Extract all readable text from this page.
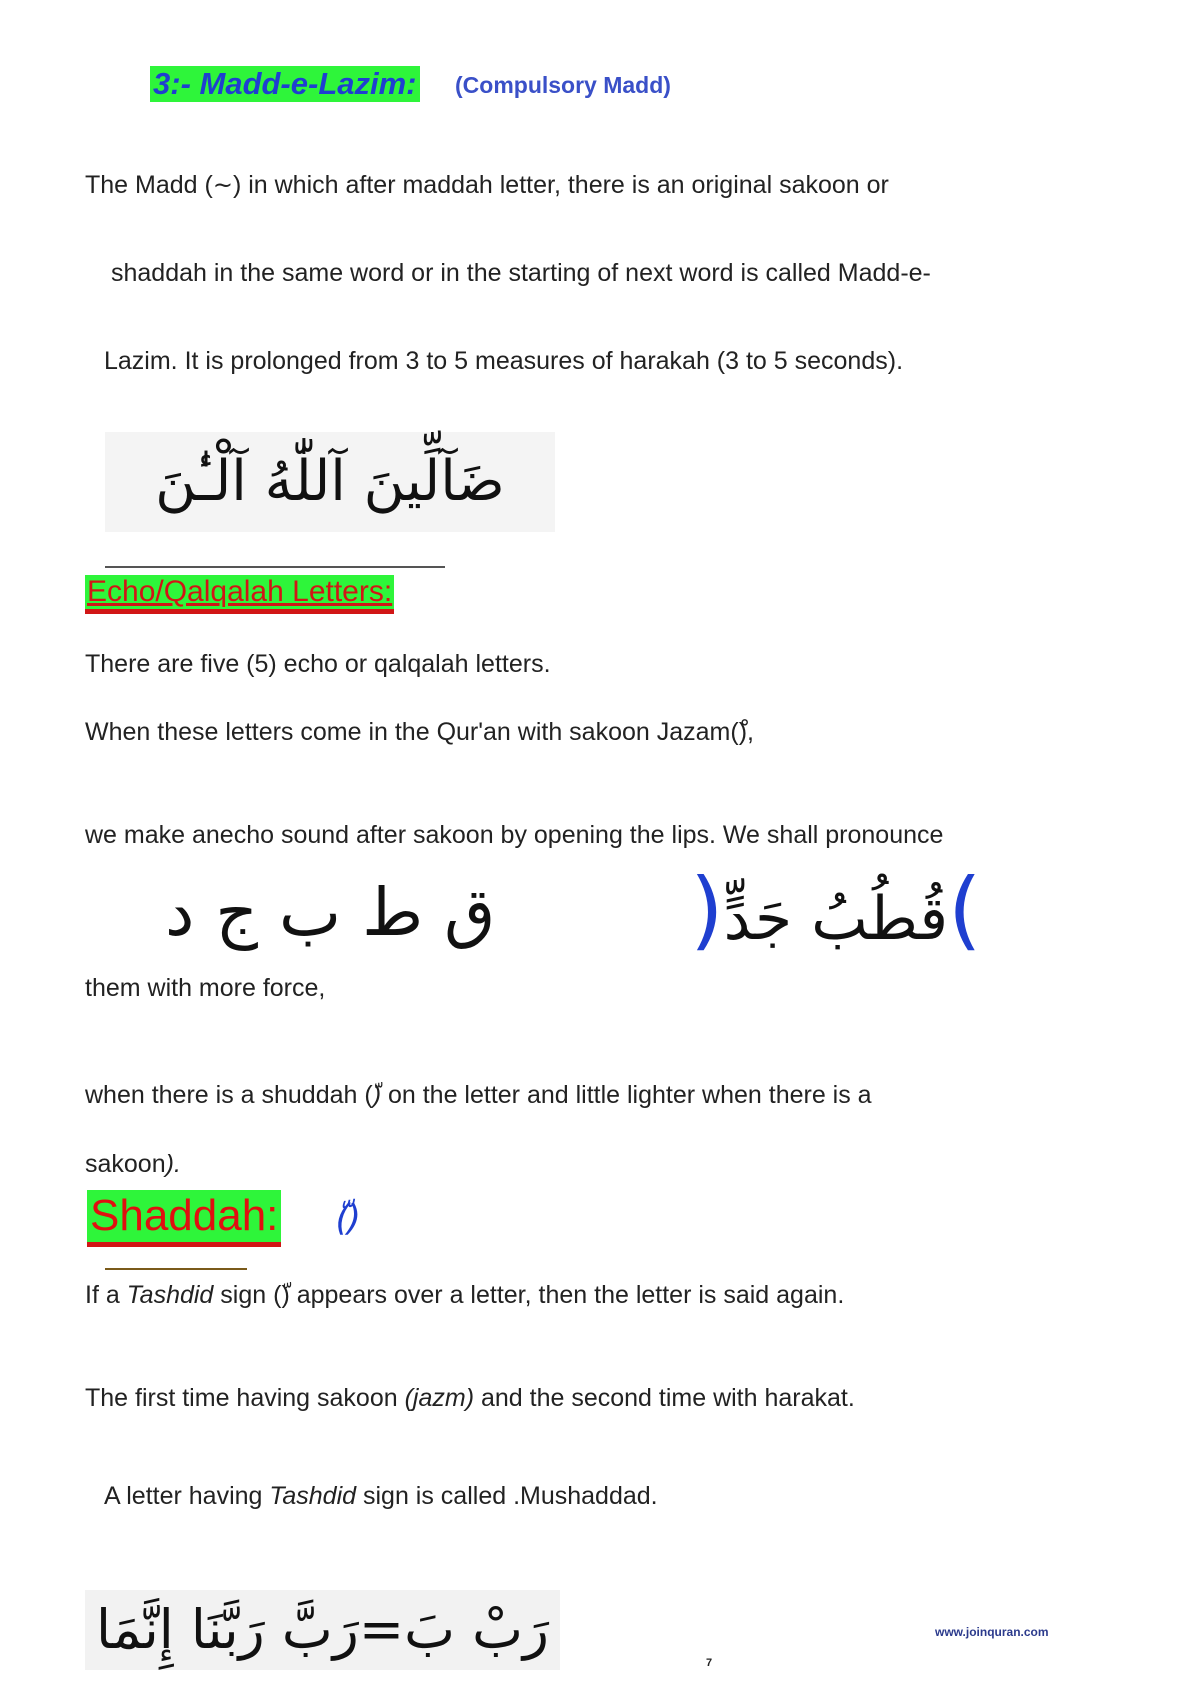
3:- Madd-e-Lazim: (Compulsory Madd)
The Madd (~) in which after maddah letter, there is an original sakoon or
shaddah in the same word or in the starting of next word is called Madd-e-
Lazim. It is prolonged from 3 to 5 measures of harakah (3 to 5 seconds).
ضَآلِّينَ آللّٰهُ آلْـٰٔنَ
Echo/Qalqalah Letters:
There are five (5) echo or qalqalah letters.
When these letters come in the Qur'an with sakoon Jazam(),
we make anecho sound after sakoon by opening the lips. We shall pronounce
ق ط ب ج د	)قُطُبُ جَدٍّ(
them with more force,
when there is a shuddah () on the letter and little lighter when there is a
sakoon).
Shaddah: (ّ)
If a Tashdid sign () appears over a letter, then the letter is said again.
The first time having sakoon (jazm) and the second time with harakat.
A letter having Tashdid sign is called .Mushaddad.
رَبْ بَ=رَبَّ رَبَّنَا إِنَّمَا	www.joinquran.com
7
